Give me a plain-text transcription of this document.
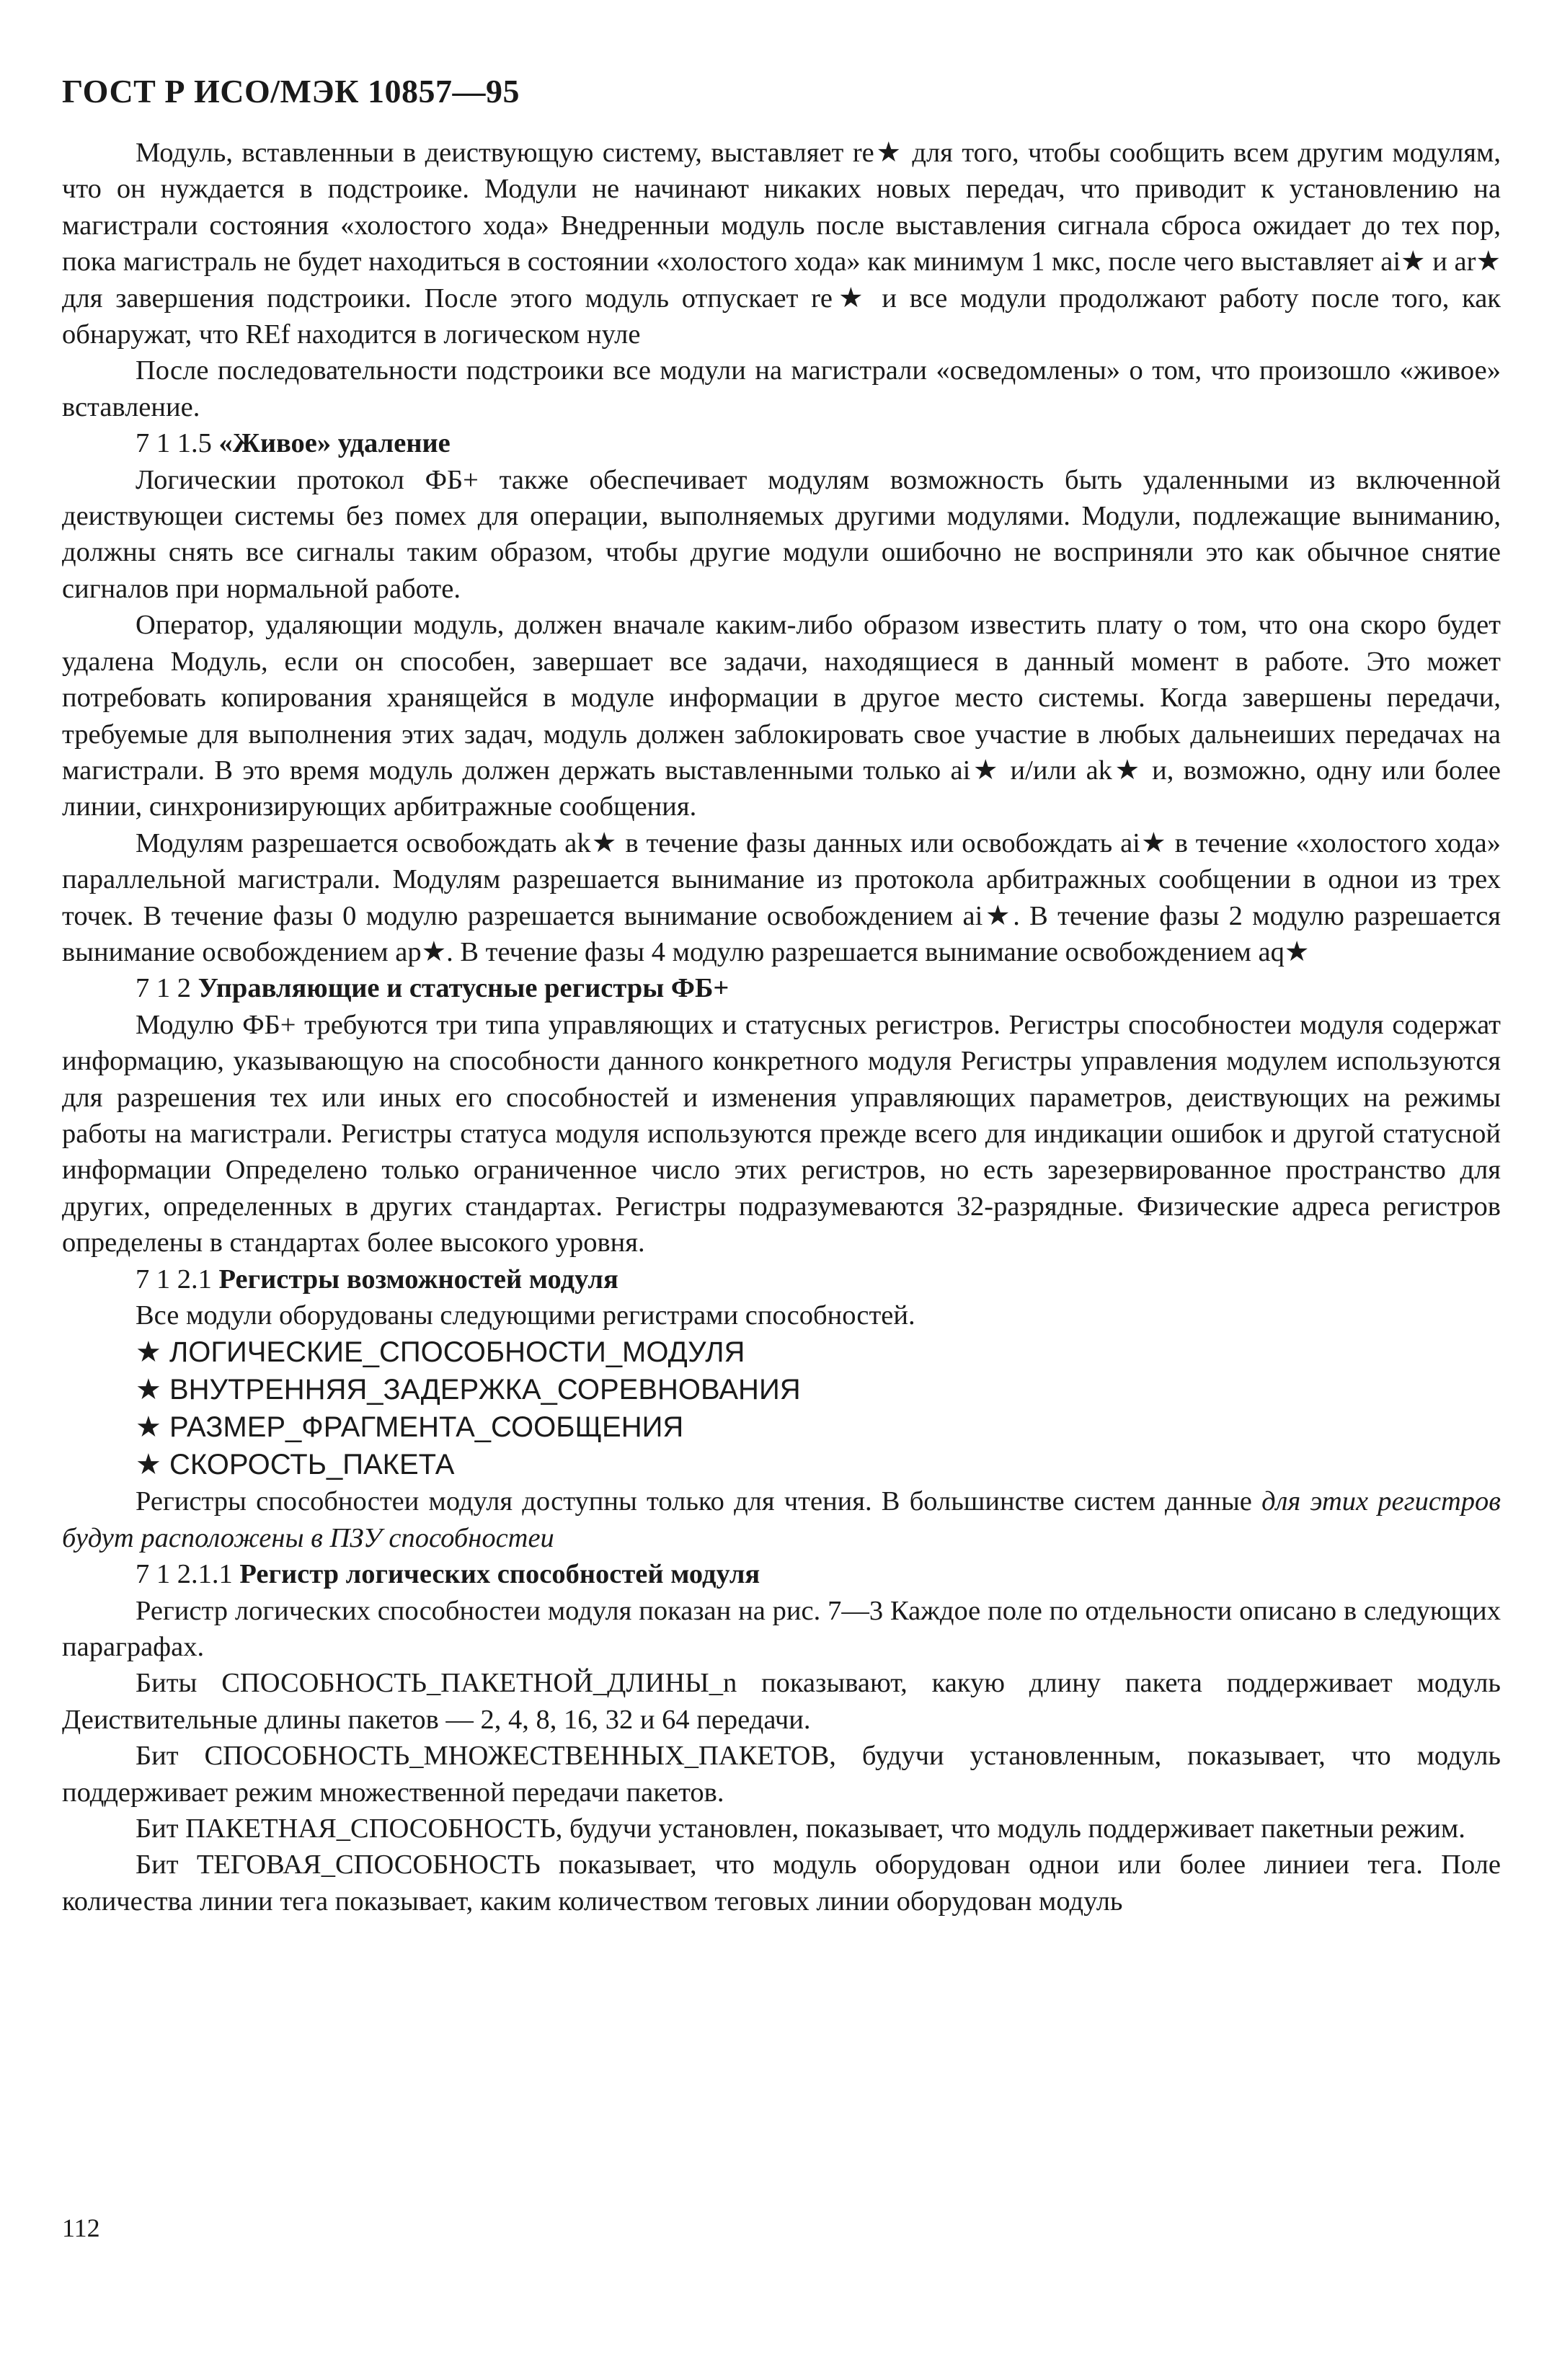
ГОСТ Р ИСО/МЭК 10857—95

Модуль, вставленныи в деиствующую систему, выставляет re★ для того, чтобы сообщить всем другим модулям, что он нуждается в подстроике. Модули не начинают никаких новых передач, что приводит к установлению на магистрали состояния «холостого хода» Внедренныи модуль после выставления сигнала сброса ожидает до тех пор, пока магистраль не будет находиться в состоянии «холостого хода» как минимум 1 мкс, после чего выставляет ai★ и ar★ для завершения подстроики. После этого модуль отпускает re★ и все модули продолжают работу после того, как обнаружат, что REf находится в логическом нуле

После последовательности подстроики все модули на магистрали «осведомлены» о том, что произошло «живое» вставление.

7 1 1.5 «Живое» удаление

Логическии протокол ФБ+ также обеспечивает модулям возможность быть удаленными из включенной деиствующеи системы без помех для операции, выполняемых другими модулями. Модули, подлежащие выниманию, должны снять все сигналы таким образом, чтобы другие модули ошибочно не восприняли это как обычное снятие сигналов при нормальной работе.

Оператор, удаляющии модуль, должен вначале каким-либо образом известить плату о том, что она скоро будет удалена Модуль, если он способен, завершает все задачи, находящиеся в данный момент в работе. Это может потребовать копирования хранящейся в модуле информации в другое место системы. Когда завершены передачи, требуемые для выполнения этих задач, модуль должен заблокировать свое участие в любых дальнеиших передачах на магистрали. В это время модуль должен держать выставленными только ai★ и/или ak★ и, возможно, одну или более линии, синхронизирующих арбитражные сообщения.

Модулям разрешается освобождать ak★ в течение фазы данных или освобождать ai★ в течение «холостого хода» параллельной магистрали. Модулям разрешается вынимание из протокола арбитражных сообщении в однои из трех точек. В течение фазы 0 модулю разрешается вынимание освобождением ai★. В течение фазы 2 модулю разрешается вынимание освобождением ap★. В течение фазы 4 модулю разрешается вынимание освобождением aq★

7 1 2 Управляющие и статусные регистры ФБ+

Модулю ФБ+ требуются три типа управляющих и статусных регистров. Регистры способностеи модуля содержат информацию, указывающую на способности данного конкретного модуля Регистры управления модулем используются для разрешения тех или иных его способностей и изменения управляющих параметров, деиствующих на режимы работы на магистрали. Регистры статуса модуля используются прежде всего для индикации ошибок и другой статусной информации Определено только ограниченное число этих регистров, но есть зарезервированное пространство для других, определенных в других стандартах. Регистры подразумеваются 32-разрядные. Физические адреса регистров определены в стандартах более высокого уровня.

7 1 2.1 Регистры возможностей модуля

Все модули оборудованы следующими регистрами способностей.

★ ЛОГИЧЕСКИЕ_СПОСОБНОСТИ_МОДУЛЯ
★ ВНУТРЕННЯЯ_ЗАДЕРЖКА_СОРЕВНОВАНИЯ
★ РАЗМЕР_ФРАГМЕНТА_СООБЩЕНИЯ
★ СКОРОСТЬ_ПАКЕТА

Регистры способностеи модуля доступны только для чтения. В большинстве систем данные для этих регистров будут расположены в ПЗУ способностеи

7 1 2.1.1 Регистр логических способностей модуля

Регистр логических способностеи модуля показан на рис. 7—3 Каждое поле по отдельности описано в следующих параграфах.

Биты СПОСОБНОСТЬ_ПАКЕТНОЙ_ДЛИНЫ_n показывают, какую длину пакета поддерживает модуль Деиствительные длины пакетов — 2, 4, 8, 16, 32 и 64 передачи.

Бит СПОСОБНОСТЬ_МНОЖЕСТВЕННЫХ_ПАКЕТОВ, будучи установленным, показывает, что модуль поддерживает режим множественной передачи пакетов.

Бит ПАКЕТНАЯ_СПОСОБНОСТЬ, будучи установлен, показывает, что модуль поддерживает пакетныи режим.

Бит ТЕГОВАЯ_СПОСОБНОСТЬ показывает, что модуль оборудован однои или более линиеи тега. Поле количества линии тега показывает, каким количеством теговых линии оборудован модуль

112
